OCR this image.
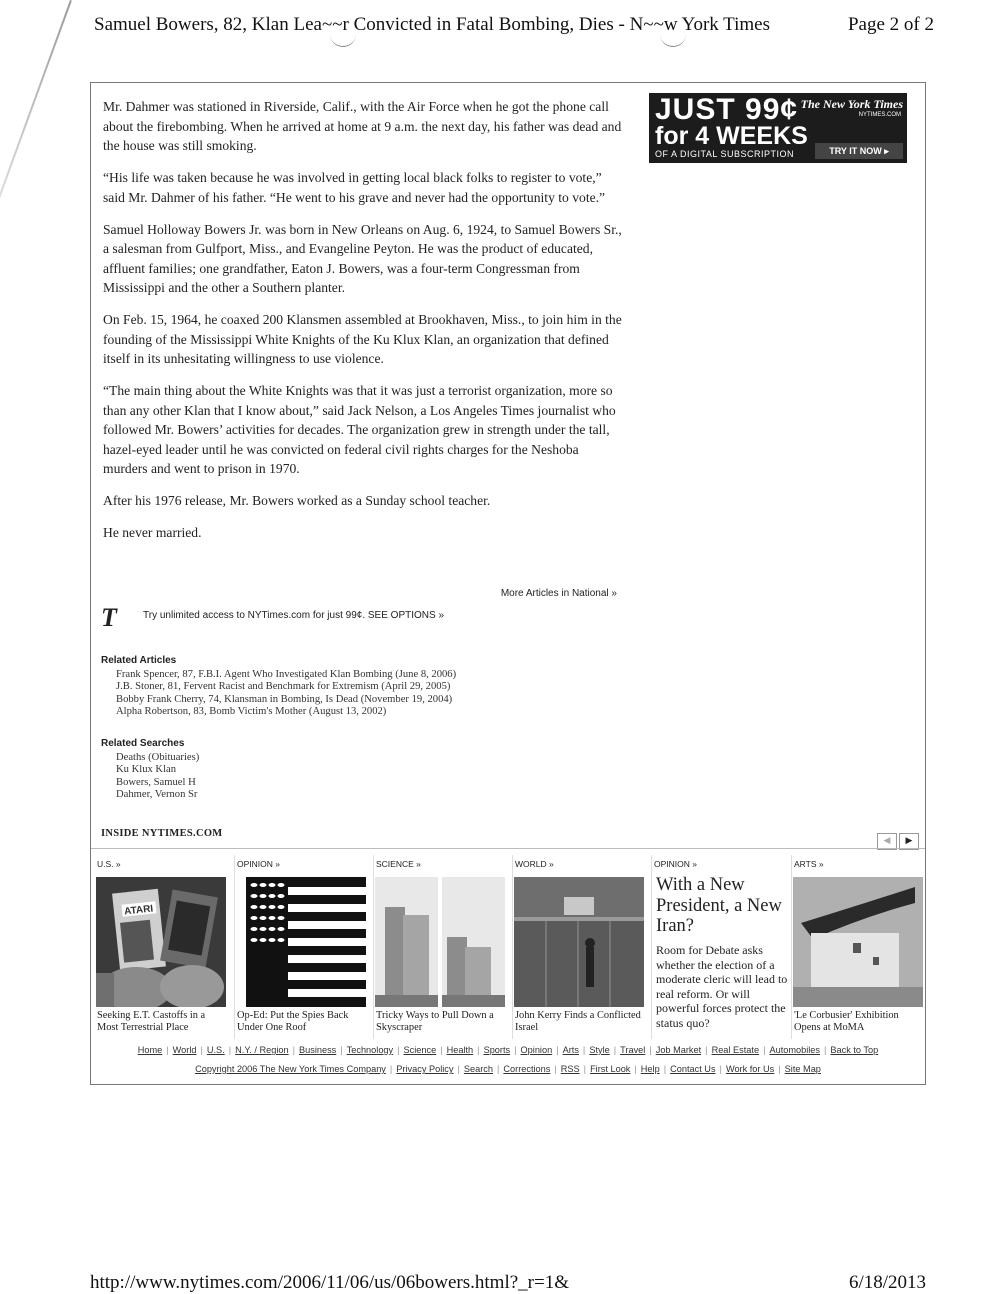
Samuel Bowers, 82, Klan Lea~~r Convicted in Fatal Bombing, Dies - N~~w York Times	Page 2 of 2

Mr. Dahmer was stationed in Riverside, Calif., with the Air Force when he got the phone call about the firebombing. When he arrived at home at 9 a.m. the next day, his father was dead and the house was still smoking.

“His life was taken because he was involved in getting local black folks to register to vote,” said Mr. Dahmer of his father. “He went to his grave and never had the opportunity to vote.”

Samuel Holloway Bowers Jr. was born in New Orleans on Aug. 6, 1924, to Samuel Bowers Sr., a salesman from Gulfport, Miss., and Evangeline Peyton. He was the product of educated, affluent families; one grandfather, Eaton J. Bowers, was a four-term Congressman from Mississippi and the other a Southern planter.

On Feb. 15, 1964, he coaxed 200 Klansmen assembled at Brookhaven, Miss., to join him in the founding of the Mississippi White Knights of the Ku Klux Klan, an organization that defined itself in its unhesitating willingness to use violence.

“The main thing about the White Knights was that it was just a terrorist organization, more so than any other Klan that I know about,” said Jack Nelson, a Los Angeles Times journalist who followed Mr. Bowers’ activities for decades. The organization grew in strength under the tall, hazel-eyed leader until he was convicted on federal civil rights charges for the Neshoba murders and went to prison in 1970.

After his 1976 release, Mr. Bowers worked as a Sunday school teacher.

He never married.

JUST 99¢
for 4 WEEKS
OF A DIGITAL SUBSCRIPTION
The New York Times
NYTIMES.COM
TRY IT NOW ▸
More Articles in National »
T	Try unlimited access to NYTimes.com for just 99¢. SEE OPTIONS »
Related Articles
Frank Spencer, 87, F.B.I. Agent Who Investigated Klan Bombing (June 8, 2006)
J.B. Stoner, 81, Fervent Racist and Benchmark for Extremism (April 29, 2005)
Bobby Frank Cherry, 74, Klansman in Bombing, Is Dead (November 19, 2004)
Alpha Robertson, 83, Bomb Victim's Mother (August 13, 2002)
Related Searches
Deaths (Obituaries)
Ku Klux Klan
Bowers, Samuel H
Dahmer, Vernon Sr
INSIDE NYTIMES.COM
◀ ▶
U.S. »
ATARI
Seeking E.T. Castoffs in a Most Terrestrial Place
OPINION »
Op-Ed: Put the Spies Back Under One Roof
SCIENCE »
Tricky Ways to Pull Down a Skyscraper
WORLD »
John Kerry Finds a Conflicted Israel
OPINION »
With a New President, a New Iran?
Room for Debate asks whether the election of a moderate cleric will lead to real reform. Or will powerful forces protect the status quo?
ARTS »
'Le Corbusier' Exhibition Opens at MoMA
Home | World | U.S. | N.Y. / Region | Business | Technology | Science | Health | Sports | Opinion | Arts | Style | Travel | Job Market | Real Estate | Automobiles | Back to Top
Copyright 2006 The New York Times Company | Privacy Policy | Search | Corrections | RSS | First Look | Help | Contact Us | Work for Us | Site Map
http://www.nytimes.com/2006/11/06/us/06bowers.html?_r=1&	6/18/2013
